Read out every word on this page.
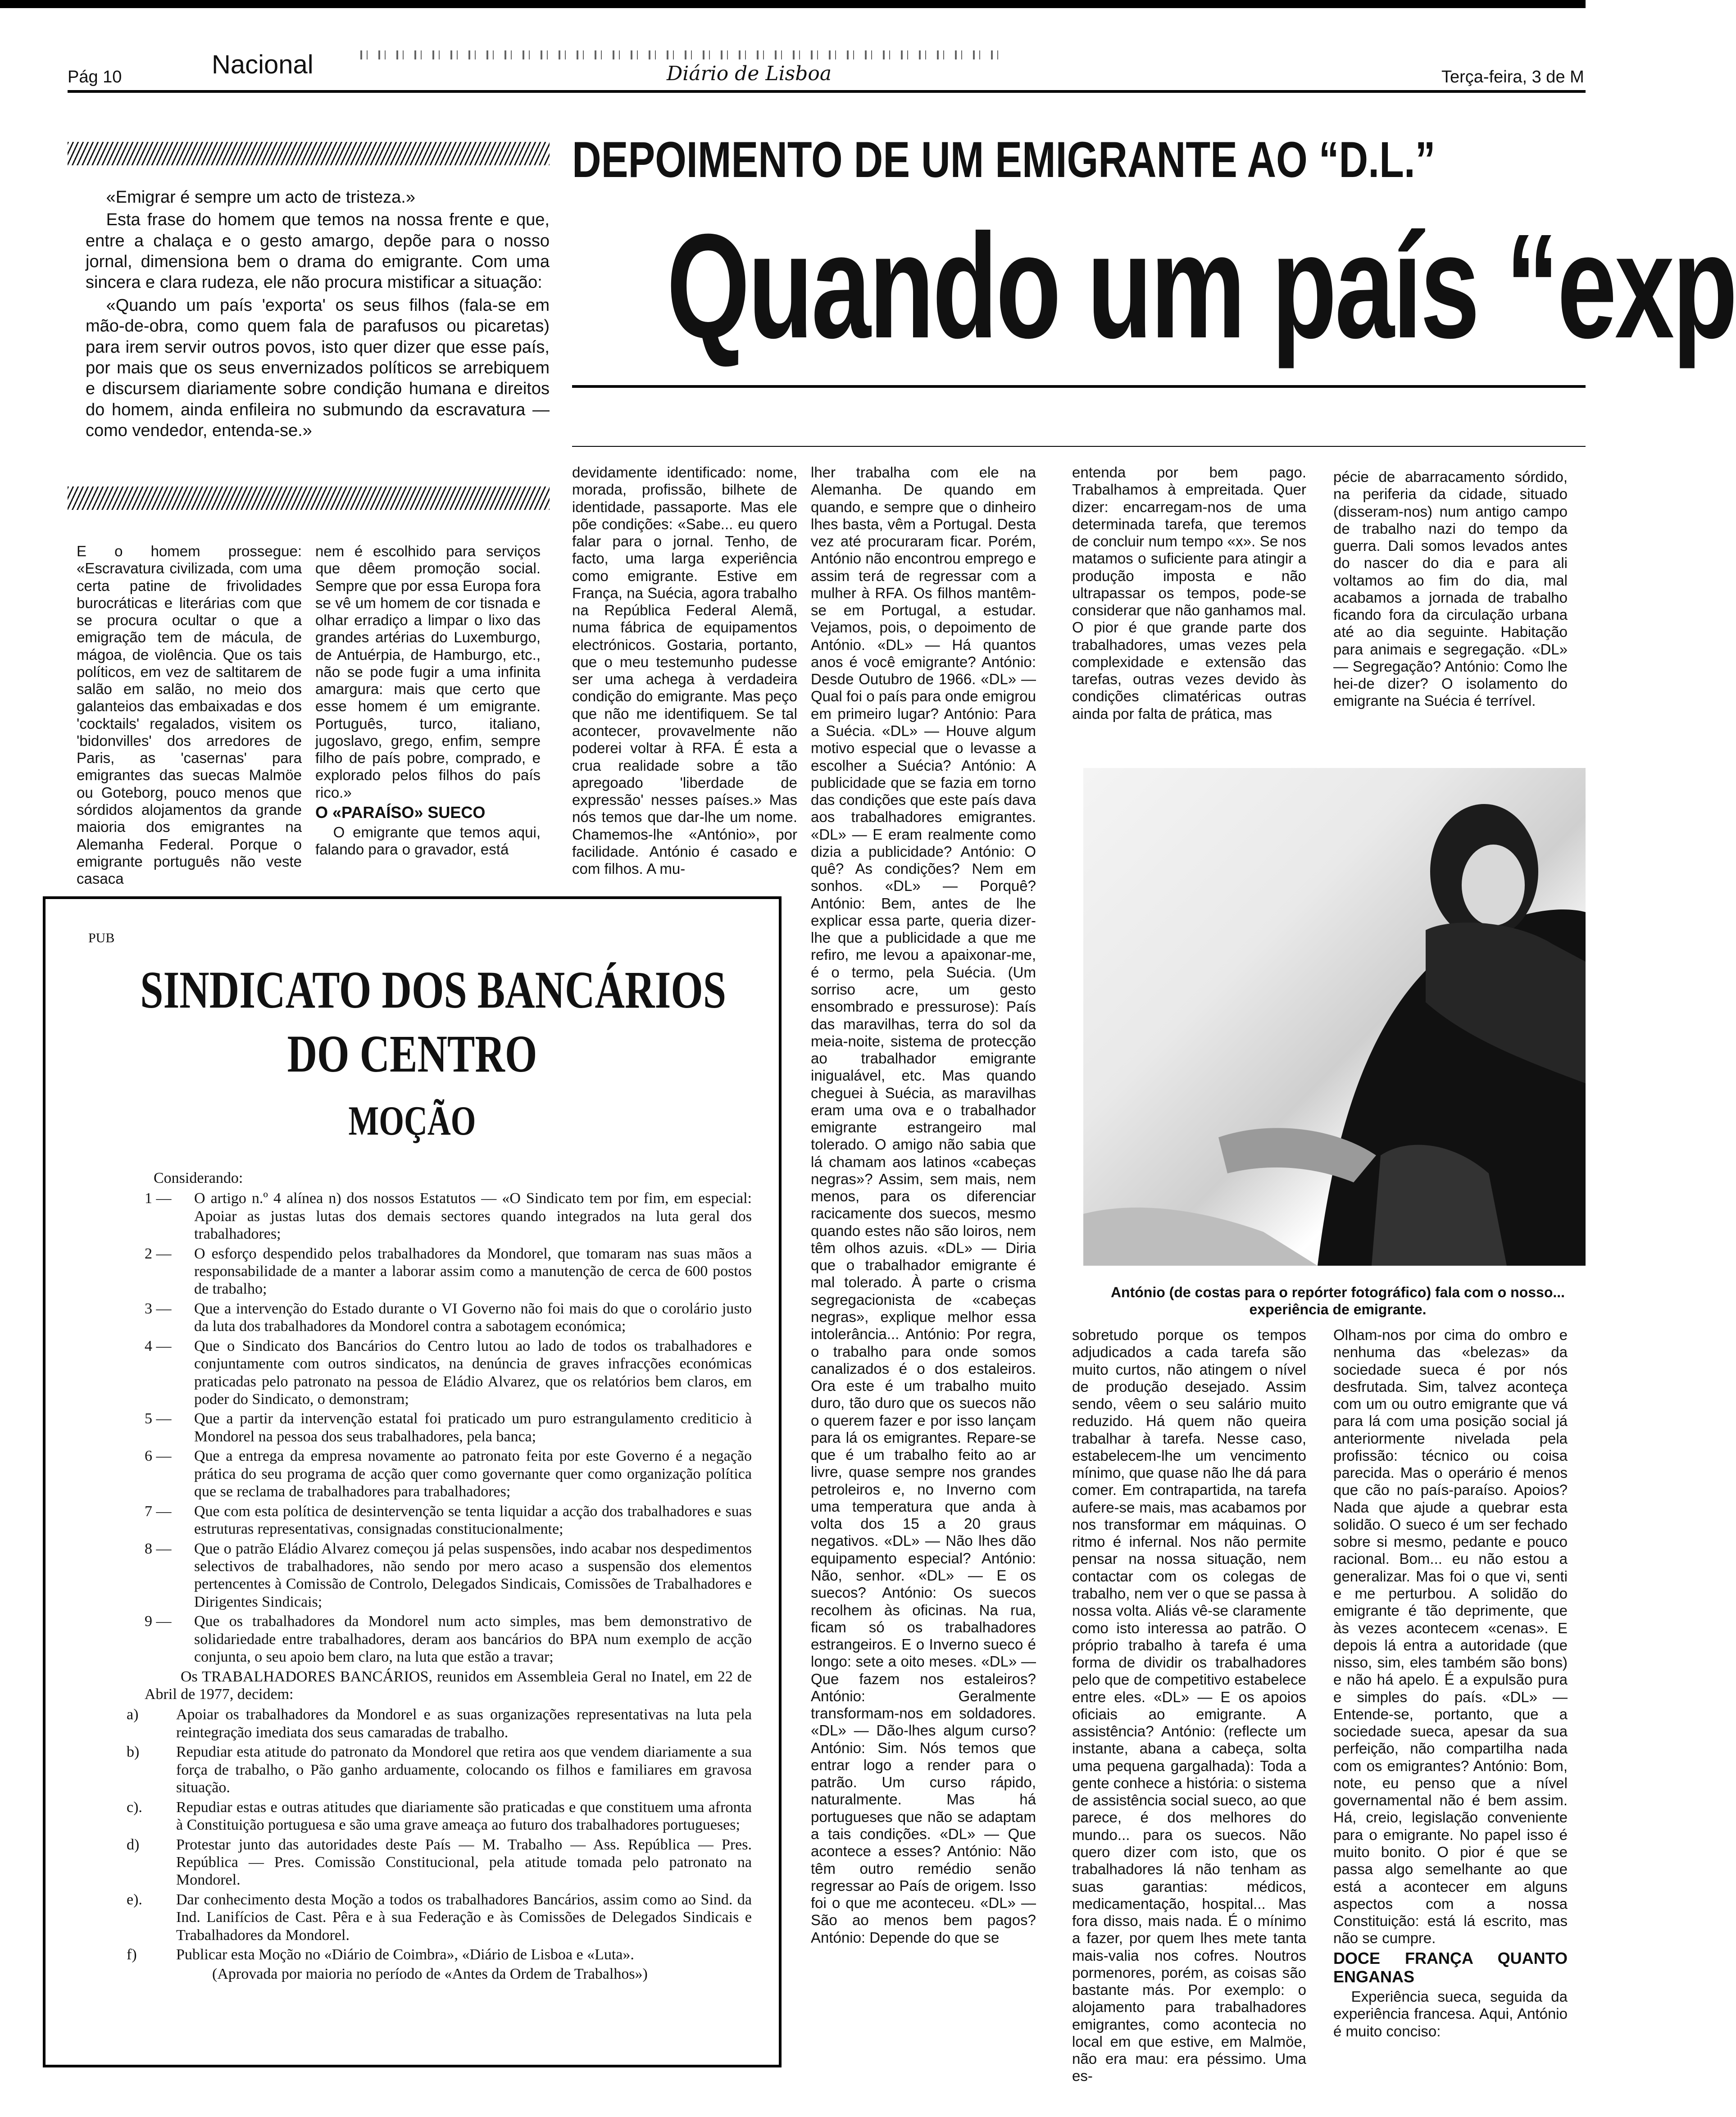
Pág 10	Nacional	Diário de Lisboa	Terça-feira, 3 de M
DEPOIMENTO DE UM EMIGRANTE AO “D.L.”
Quando um país “exp

«Emigrar é sempre um acto de tristeza.»

Esta frase do homem que temos na nossa frente e que, entre a chalaça e o gesto amargo, depõe para o nosso jornal, dimensiona bem o drama do emigrante. Com uma sincera e clara rudeza, ele não procura mistificar a situação:

«Quando um país 'exporta' os seus filhos (fala-se em mão-de-obra, como quem fala de parafusos ou picaretas) para irem servir outros povos, isto quer dizer que esse país, por mais que os seus envernizados políticos se arrebiquem e discursem diariamente sobre condição humana e direitos do homem, ainda enfileira no submundo da escravatura — como vendedor, entenda-se.»

E o homem prossegue: «Escravatura civilizada, com uma certa patine de frivolidades burocráticas e literárias com que se procura ocultar o que a emigração tem de mácula, de mágoa, de violência. Que os tais políticos, em vez de saltitarem de salão em salão, no meio dos galanteios das embaixadas e dos 'cocktails' regalados, visitem os 'bidonvilles' dos arredores de Paris, as 'casernas' para emigrantes das suecas Malmöe ou Goteborg, pouco menos que sórdidos alojamentos da grande maioria dos emigrantes na Alemanha Federal. Porque o emigrante português não veste casaca

nem é escolhido para serviços que dêem promoção social. Sempre que por essa Europa fora se vê um homem de cor tisnada e olhar erradiço a limpar o lixo das grandes artérias do Luxemburgo, de Antuérpia, de Hamburgo, etc., não se pode fugir a uma infinita amargura: mais que certo que esse homem é um emigrante. Português, turco, italiano, jugoslavo, grego, enfim, sempre filho de país pobre, comprado, e explorado pelos filhos do país rico.»

O «PARAÍSO» SUECO

O emigrante que temos aqui, falando para o gravador, está

devidamente identificado: nome, morada, profissão, bilhete de identidade, passaporte. Mas ele põe condições: «Sabe... eu quero falar para o jornal. Tenho, de facto, uma larga experiência como emigrante. Estive em França, na Suécia, agora trabalho na República Federal Alemã, numa fábrica de equipamentos electrónicos. Gostaria, portanto, que o meu testemunho pudesse ser uma achega à verdadeira condição do emigrante. Mas peço que não me identifiquem. Se tal acontecer, provavelmente não poderei voltar à RFA. É esta a crua realidade sobre a tão apregoado 'liberdade de expressão' nesses países.» Mas nós temos que dar-lhe um nome. Chamemos-lhe «António», por facilidade. António é casado e com filhos. A mu-

lher trabalha com ele na Alemanha. De quando em quando, e sempre que o dinheiro lhes basta, vêm a Portugal. Desta vez até procuraram ficar. Porém, António não encontrou emprego e assim terá de regressar com a mulher à RFA. Os filhos mantêm-se em Portugal, a estudar. Vejamos, pois, o depoimento de António. «DL» — Há quantos anos é você emigrante? António: Desde Outubro de 1966. «DL» — Qual foi o país para onde emigrou em primeiro lugar? António: Para a Suécia. «DL» — Houve algum motivo especial que o levasse a escolher a Suécia? António: A publicidade que se fazia em torno das condições que este país dava aos trabalhadores emigrantes. «DL» — E eram realmente como dizia a publicidade? António: O quê? As condições? Nem em sonhos. «DL» — Porquê? António: Bem, antes de lhe explicar essa parte, queria dizer-lhe que a publicidade a que me refiro, me levou a apaixonar-me, é o termo, pela Suécia. (Um sorriso acre, um gesto ensombrado e pressurose): País das maravilhas, terra do sol da meia-noite, sistema de protecção ao trabalhador emigrante inigualável, etc. Mas quando cheguei à Suécia, as maravilhas eram uma ova e o trabalhador emigrante estrangeiro mal tolerado. O amigo não sabia que lá chamam aos latinos «cabeças negras»? Assim, sem mais, nem menos, para os diferenciar racicamente dos suecos, mesmo quando estes não são loiros, nem têm olhos azuis. «DL» — Diria que o trabalhador emigrante é mal tolerado. À parte o crisma segregacionista de «cabeças negras», explique melhor essa intolerância... António: Por regra, o trabalho para onde somos canalizados é o dos estaleiros. Ora este é um trabalho muito duro, tão duro que os suecos não o querem fazer e por isso lançam para lá os emigrantes. Repare-se que é um trabalho feito ao ar livre, quase sempre nos grandes petroleiros e, no Inverno com uma temperatura que anda à volta dos 15 a 20 graus negativos. «DL» — Não lhes dão equipamento especial? António: Não, senhor. «DL» — E os suecos? António: Os suecos recolhem às oficinas. Na rua, ficam só os trabalhadores estrangeiros. E o Inverno sueco é longo: sete a oito meses. «DL» — Que fazem nos estaleiros? António: Geralmente transformam-nos em soldadores. «DL» — Dão-lhes algum curso? António: Sim. Nós temos que entrar logo a render para o patrão. Um curso rápido, naturalmente. Mas há portugueses que não se adaptam a tais condições. «DL» — Que acontece a esses? António: Não têm outro remédio senão regressar ao País de origem. Isso foi o que me aconteceu. «DL» — São ao menos bem pagos? António: Depende do que se

entenda por bem pago. Trabalhamos à empreitada. Quer dizer: encarregam-nos de uma determinada tarefa, que teremos de concluir num tempo «x». Se nos matamos o suficiente para atingir a produção imposta e não ultrapassar os tempos, pode-se considerar que não ganhamos mal. O pior é que grande parte dos trabalhadores, umas vezes pela complexidade e extensão das tarefas, outras vezes devido às condições climatéricas outras ainda por falta de prática, mas

pécie de abarracamento sórdido, na periferia da cidade, situado (disseram-nos) num antigo campo de trabalho nazi do tempo da guerra. Dali somos levados antes do nascer do dia e para ali voltamos ao fim do dia, mal acabamos a jornada de trabalho ficando fora da circulação urbana até ao dia seguinte. Habitação para animais e segregação. «DL» — Segregação? António: Como lhe hei-de dizer? O isolamento do emigrante na Suécia é terrível.

António (de costas para o repórter fotográfico) fala com o nosso... experiência de emigrante.

sobretudo porque os tempos adjudicados a cada tarefa são muito curtos, não atingem o nível de produção desejado. Assim sendo, vêem o seu salário muito reduzido. Há quem não queira trabalhar à tarefa. Nesse caso, estabelecem-lhe um vencimento mínimo, que quase não lhe dá para comer. Em contrapartida, na tarefa aufere-se mais, mas acabamos por nos transformar em máquinas. O ritmo é infernal. Nos não permite pensar na nossa situação, nem contactar com os colegas de trabalho, nem ver o que se passa à nossa volta. Aliás vê-se claramente como isto interessa ao patrão. O próprio trabalho à tarefa é uma forma de dividir os trabalhadores pelo que de competitivo estabelece entre eles. «DL» — E os apoios oficiais ao emigrante. A assistência? António: (reflecte um instante, abana a cabeça, solta uma pequena gargalhada): Toda a gente conhece a história: o sistema de assistência social sueco, ao que parece, é dos melhores do mundo... para os suecos. Não quero dizer com isto, que os trabalhadores lá não tenham as suas garantias: médicos, medicamentação, hospital... Mas fora disso, mais nada. É o mínimo a fazer, por quem lhes mete tanta mais-valia nos cofres. Noutros pormenores, porém, as coisas são bastante más. Por exemplo: o alojamento para trabalhadores emigrantes, como acontecia no local em que estive, em Malmöe, não era mau: era péssimo. Uma es-

Olham-nos por cima do ombro e nenhuma das «belezas» da sociedade sueca é por nós desfrutada. Sim, talvez aconteça com um ou outro emigrante que vá para lá com uma posição social já anteriormente nivelada pela profissão: técnico ou coisa parecida. Mas o operário é menos que cão no país-paraíso. Apoios? Nada que ajude a quebrar esta solidão. O sueco é um ser fechado sobre si mesmo, pedante e pouco racional. Bom... eu não estou a generalizar. Mas foi o que vi, senti e me perturbou. A solidão do emigrante é tão deprimente, que às vezes acontecem «cenas». E depois lá entra a autoridade (que nisso, sim, eles também são bons) e não há apelo. É a expulsão pura e simples do país. «DL» — Entende-se, portanto, que a sociedade sueca, apesar da sua perfeição, não compartilha nada com os emigrantes? António: Bom, note, eu penso que a nível governamental não é bem assim. Há, creio, legislação conveniente para o emigrante. No papel isso é muito bonito. O pior é que se passa algo semelhante ao que está a acontecer em alguns aspectos com a nossa Constituição: está lá escrito, mas não se cumpre.

DOCE FRANÇA QUANTO ENGANAS

Experiência sueca, seguida da experiência francesa. Aqui, António é muito conciso:

PUB
SINDICATO DOS BANCÁRIOS
DO CENTRO
MOÇÃO
Considerando:
1 —	O artigo n.º 4 alínea n) dos nossos Estatutos — «O Sindicato tem por fim, em especial: Apoiar as justas lutas dos demais sectores quando integrados na luta geral dos trabalhadores;
2 —	O esforço despendido pelos trabalhadores da Mondorel, que tomaram nas suas mãos a responsabilidade de a manter a laborar assim como a manutenção de cerca de 600 postos de trabalho;
3 —	Que a intervenção do Estado durante o VI Governo não foi mais do que o corolário justo da luta dos trabalhadores da Mondorel contra a sabotagem económica;
4 —	Que o Sindicato dos Bancários do Centro lutou ao lado de todos os trabalhadores e conjuntamente com outros sindicatos, na denúncia de graves infracções económicas praticadas pelo patronato na pessoa de Eládio Alvarez, que os relatórios bem claros, em poder do Sindicato, o demonstram;
5 —	Que a partir da intervenção estatal foi praticado um puro estrangulamento crediticio à Mondorel na pessoa dos seus trabalhadores, pela banca;
6 —	Que a entrega da empresa novamente ao patronato feita por este Governo é a negação prática do seu programa de acção quer como governante quer como organização política que se reclama de trabalhadores para trabalhadores;
7 —	Que com esta política de desintervenção se tenta liquidar a acção dos trabalhadores e suas estruturas representativas, consignadas constitucionalmente;
8 —	Que o patrão Eládio Alvarez começou já pelas suspensões, indo acabar nos despedimentos selectivos de trabalhadores, não sendo por mero acaso a suspensão dos elementos pertencentes à Comissão de Controlo, Delegados Sindicais, Comissões de Trabalhadores e Dirigentes Sindicais;
9 —	Que os trabalhadores da Mondorel num acto simples, mas bem demonstrativo de solidariedade entre trabalhadores, deram aos bancários do BPA num exemplo de acção conjunta, o seu apoio bem claro, na luta que estão a travar;
Os TRABALHADORES BANCÁRIOS, reunidos em Assembleia Geral no Inatel, em 22 de Abril de 1977, decidem:
a)	Apoiar os trabalhadores da Mondorel e as suas organizações representativas na luta pela reintegração imediata dos seus camaradas de trabalho.
b)	Repudiar esta atitude do patronato da Mondorel que retira aos que vendem diariamente a sua força de trabalho, o Pão ganho arduamente, colocando os filhos e familiares em gravosa situação.
c).	Repudiar estas e outras atitudes que diariamente são praticadas e que constituem uma afronta à Constituição portuguesa e são uma grave ameaça ao futuro dos trabalhadores portugueses;
d)	Protestar junto das autoridades deste País — M. Trabalho — Ass. República — Pres. República — Pres. Comissão Constitucional, pela atitude tomada pelo patronato na Mondorel.
e).	Dar conhecimento desta Moção a todos os trabalhadores Bancários, assim como ao Sind. da Ind. Lanifícios de Cast. Pêra e à sua Federação e às Comissões de Delegados Sindicais e Trabalhadores da Mondorel.
f)	Publicar esta Moção no «Diário de Coimbra», «Diário de Lisboa e «Luta».
(Aprovada por maioria no período de «Antes da Ordem de Trabalhos»)
